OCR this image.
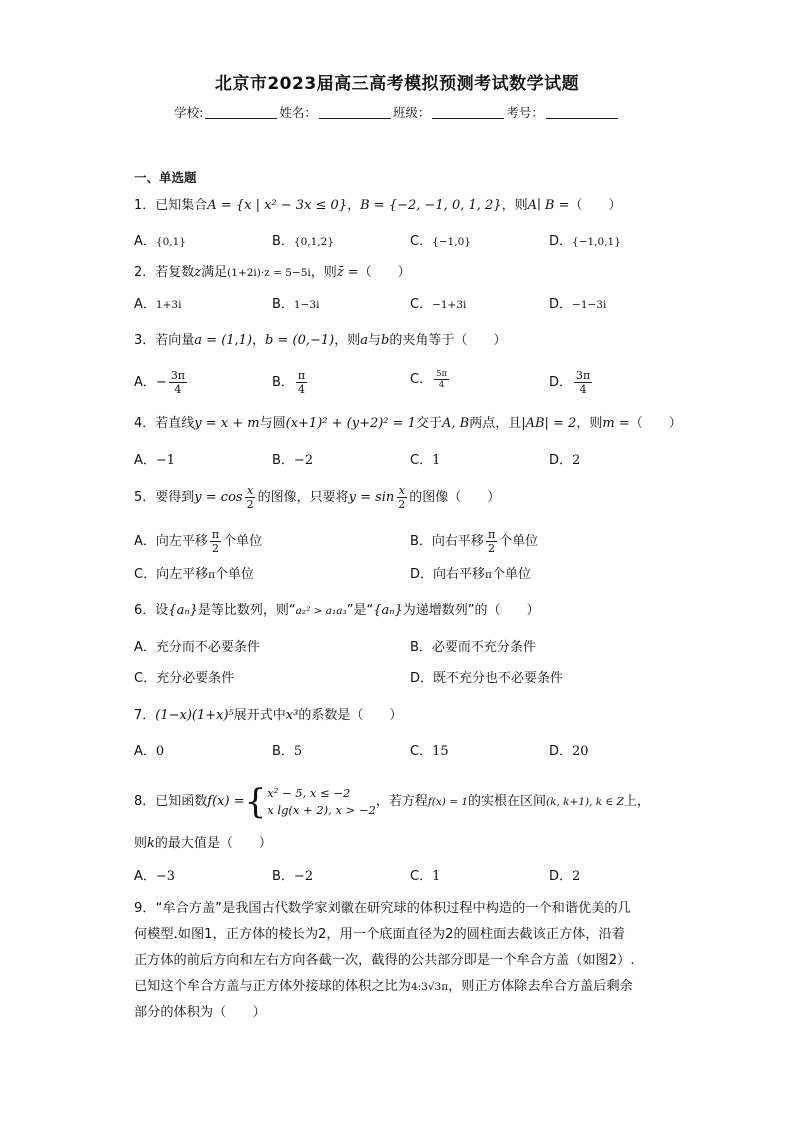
北京市2023届高三高考模拟预测考试数学试题
学校:	姓名：	班级：	考号：
一、单选题
1．已知集合A = {x | x² − 3x ≤ 0}，B = {−2, −1, 0, 1, 2}，则A∣ B =（　　）
A．{0,1}	B．{0,1,2}	C．{−1,0}	D．{−1,0,1}
2．若复数z满足(1+2i)·z = 5−5i，则z̄ =（　　）
A．1+3i	B．1−3i	C．−1+3i	D．−1−3i
3．若向量a = (1,1)，b = (0,−1)，则a与b的夹角等于（　　）
A．− $\frac{3\pi}{4}$	B． $\frac{\pi}{4}$	C． $\frac{5\pi}{4}$	D． $\frac{3\pi}{4}$
4．若直线y = x + m与圆(x+1)² + (y+2)² = 1交于A, B两点，且|AB| = 2，则m =（　　）
A．−1	B．−2	C．1	D．2
5．要得到$y = \cos \frac{x}{2}$ 的图像，只要将$y = \sin \frac{x}{2}$ 的图像（　　）
A．向左平移 $\frac{\pi}{2}$ 个单位	B．向右平移 $\frac{\pi}{2}$ 个单位
C．向左平移π个单位	D．向右平移π个单位
6．设{aₙ}是等比数列，则“a₂² > a₁a₃”是“{aₙ}为递增数列”的（　　）
A．充分而不必要条件	B．必要而不充分条件
C．充分必要条件	D．既不充分也不必要条件
7．(1−x)(1+x)⁵展开式中x³的系数是（　　）
A．0	B．5	C．15	D．20
8．已知函数f(x) = { x² − 5, x ≤ −2
x lg(x + 2), x > −2
，若方程f(x) = 1的实根在区间(k, k+1), k ∈ Z上，
则k的最大值是（　　）
A．−3	B．−2	C．1	D．2
9．“牟合方盖”是我国古代数学家刘徽在研究球的体积过程中构造的一个和谐优美的几
何模型.如图1，正方体的棱长为2，用一个底面直径为2的圆柱面去截该正方体，沿着
正方体的前后方向和左右方向各截一次，截得的公共部分即是一个牟合方盖（如图2）.
已知这个牟合方盖与正方体外接球的体积之比为4:3√3π，则正方体除去牟合方盖后剩余
部分的体积为（　　）
